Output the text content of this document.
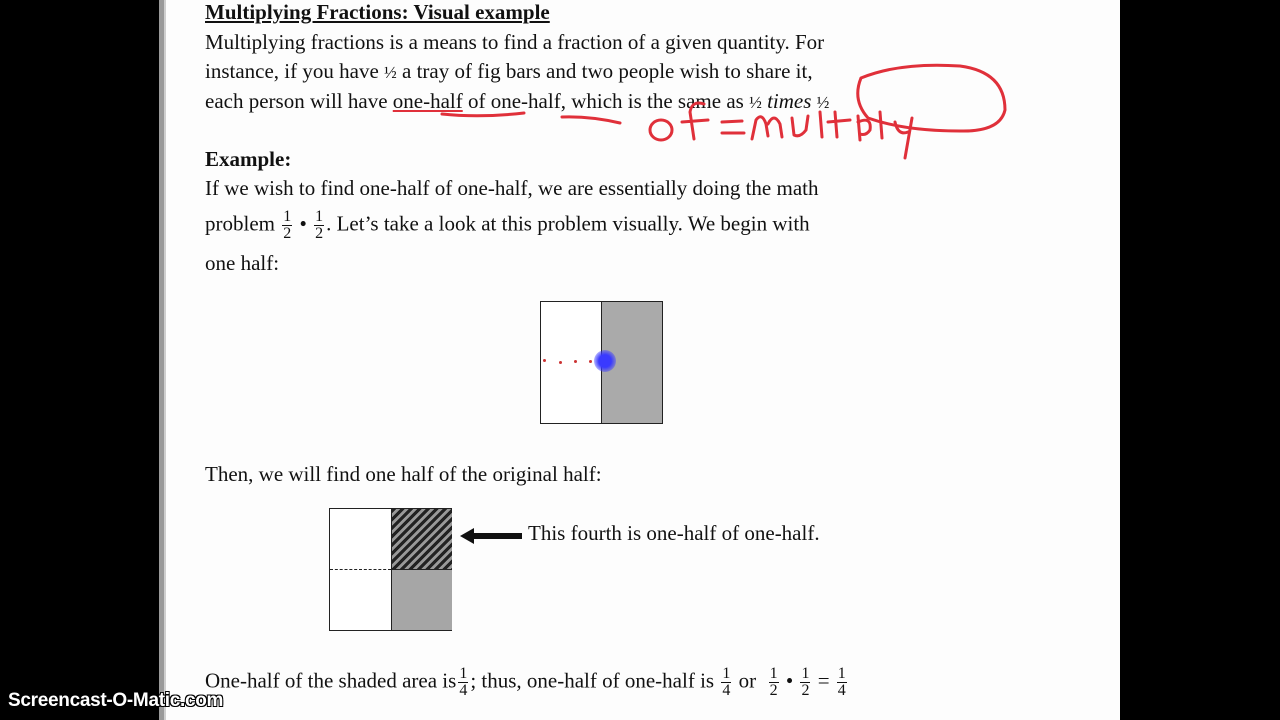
Multiplying Fractions: Visual example
Multiplying fractions is a means to find a fraction of a given quantity. For
instance, if you have ½ a tray of fig bars and two people wish to share it,
each person will have one-half of one-half, which is the same as ½ times ½
Example:
If we wish to find one-half of one-half, we are essentially doing the math
problem $\frac{1}{2}$ • $\frac{1}{2}$ . Let’s take a look at this problem visually. We begin with
one half:
Then, we will find one half of the original half:
This fourth is one-half of one-half.
One-half of the shaded area is $\frac{1}{4}$ ; thus, one-half of one-half is $\frac{1}{4}$ or $\frac{1}{2}$ • $\frac{1}{2} = \frac{1}{4}$
Screencast-O-Matic.com
